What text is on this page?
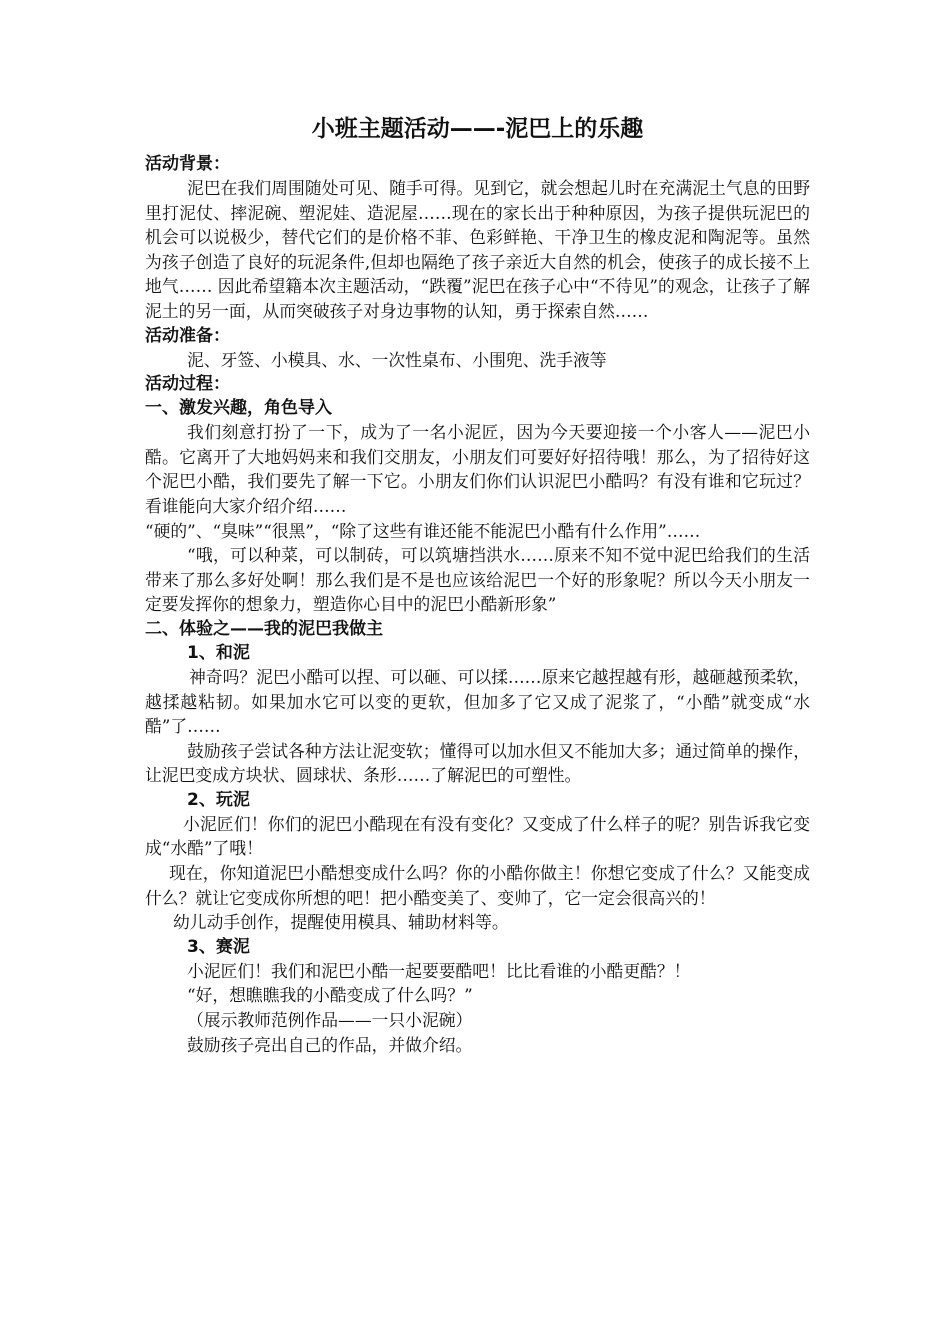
小班主题活动——-泥巴上的乐趣
活动背景：
泥巴在我们周围随处可见、随手可得。见到它，就会想起儿时在充满泥土气息的田野里打泥仗、摔泥碗、塑泥娃、造泥屋……现在的家长出于种种原因，为孩子提供玩泥巴的机会可以说极少，替代它们的是价格不菲、色彩鲜艳、干净卫生的橡皮泥和陶泥等。虽然为孩子创造了良好的玩泥条件,但却也隔绝了孩子亲近大自然的机会，使孩子的成长接不上地气…… 因此希望籍本次主题活动，“跌覆”泥巴在孩子心中“不待见”的观念，让孩子了解泥土的另一面，从而突破孩子对身边事物的认知，勇于探索自然……
活动准备：
泥、牙签、小模具、水、一次性桌布、小围兜、洗手液等
活动过程：
一、激发兴趣，角色导入
我们刻意打扮了一下，成为了一名小泥匠，因为今天要迎接一个小客人——泥巴小酷。它离开了大地妈妈来和我们交朋友，小朋友们可要好好招待哦！那么，为了招待好这个泥巴小酷，我们要先了解一下它。小朋友们你们认识泥巴小酷吗？有没有谁和它玩过？看谁能向大家介绍介绍……
“硬的”、“臭味”“很黑”，“除了这些有谁还能不能泥巴小酷有什么作用”……
“哦，可以种菜，可以制砖，可以筑塘挡洪水……原来不知不觉中泥巴给我们的生活带来了那么多好处啊！那么我们是不是也应该给泥巴一个好的形象呢？所以今天小朋友一定要发挥你的想象力，塑造你心目中的泥巴小酷新形象”
二、体验之——我的泥巴我做主
1、和泥
神奇吗？泥巴小酷可以捏、可以砸、可以揉……原来它越捏越有形，越砸越预柔软，越揉越粘韧。如果加水它可以变的更软，但加多了它又成了泥浆了，“小酷”就变成“水酷”了……
鼓励孩子尝试各种方法让泥变软；懂得可以加水但又不能加大多；通过简单的操作，让泥巴变成方块状、圆球状、条形……了解泥巴的可塑性。
2、玩泥
小泥匠们！你们的泥巴小酷现在有没有变化？又变成了什么样子的呢？别告诉我它变成“水酷”了哦！
现在，你知道泥巴小酷想变成什么吗？你的小酷你做主！你想它变成了什么？又能变成什么？就让它变成你所想的吧！把小酷变美了、变帅了，它一定会很高兴的！
幼儿动手创作，提醒使用模具、辅助材料等。
3、赛泥
小泥匠们！我们和泥巴小酷一起要要酷吧！比比看谁的小酷更酷？！
“好，想瞧瞧我的小酷变成了什么吗？”
（展示教师范例作品——一只小泥碗）
鼓励孩子亮出自己的作品，并做介绍。
